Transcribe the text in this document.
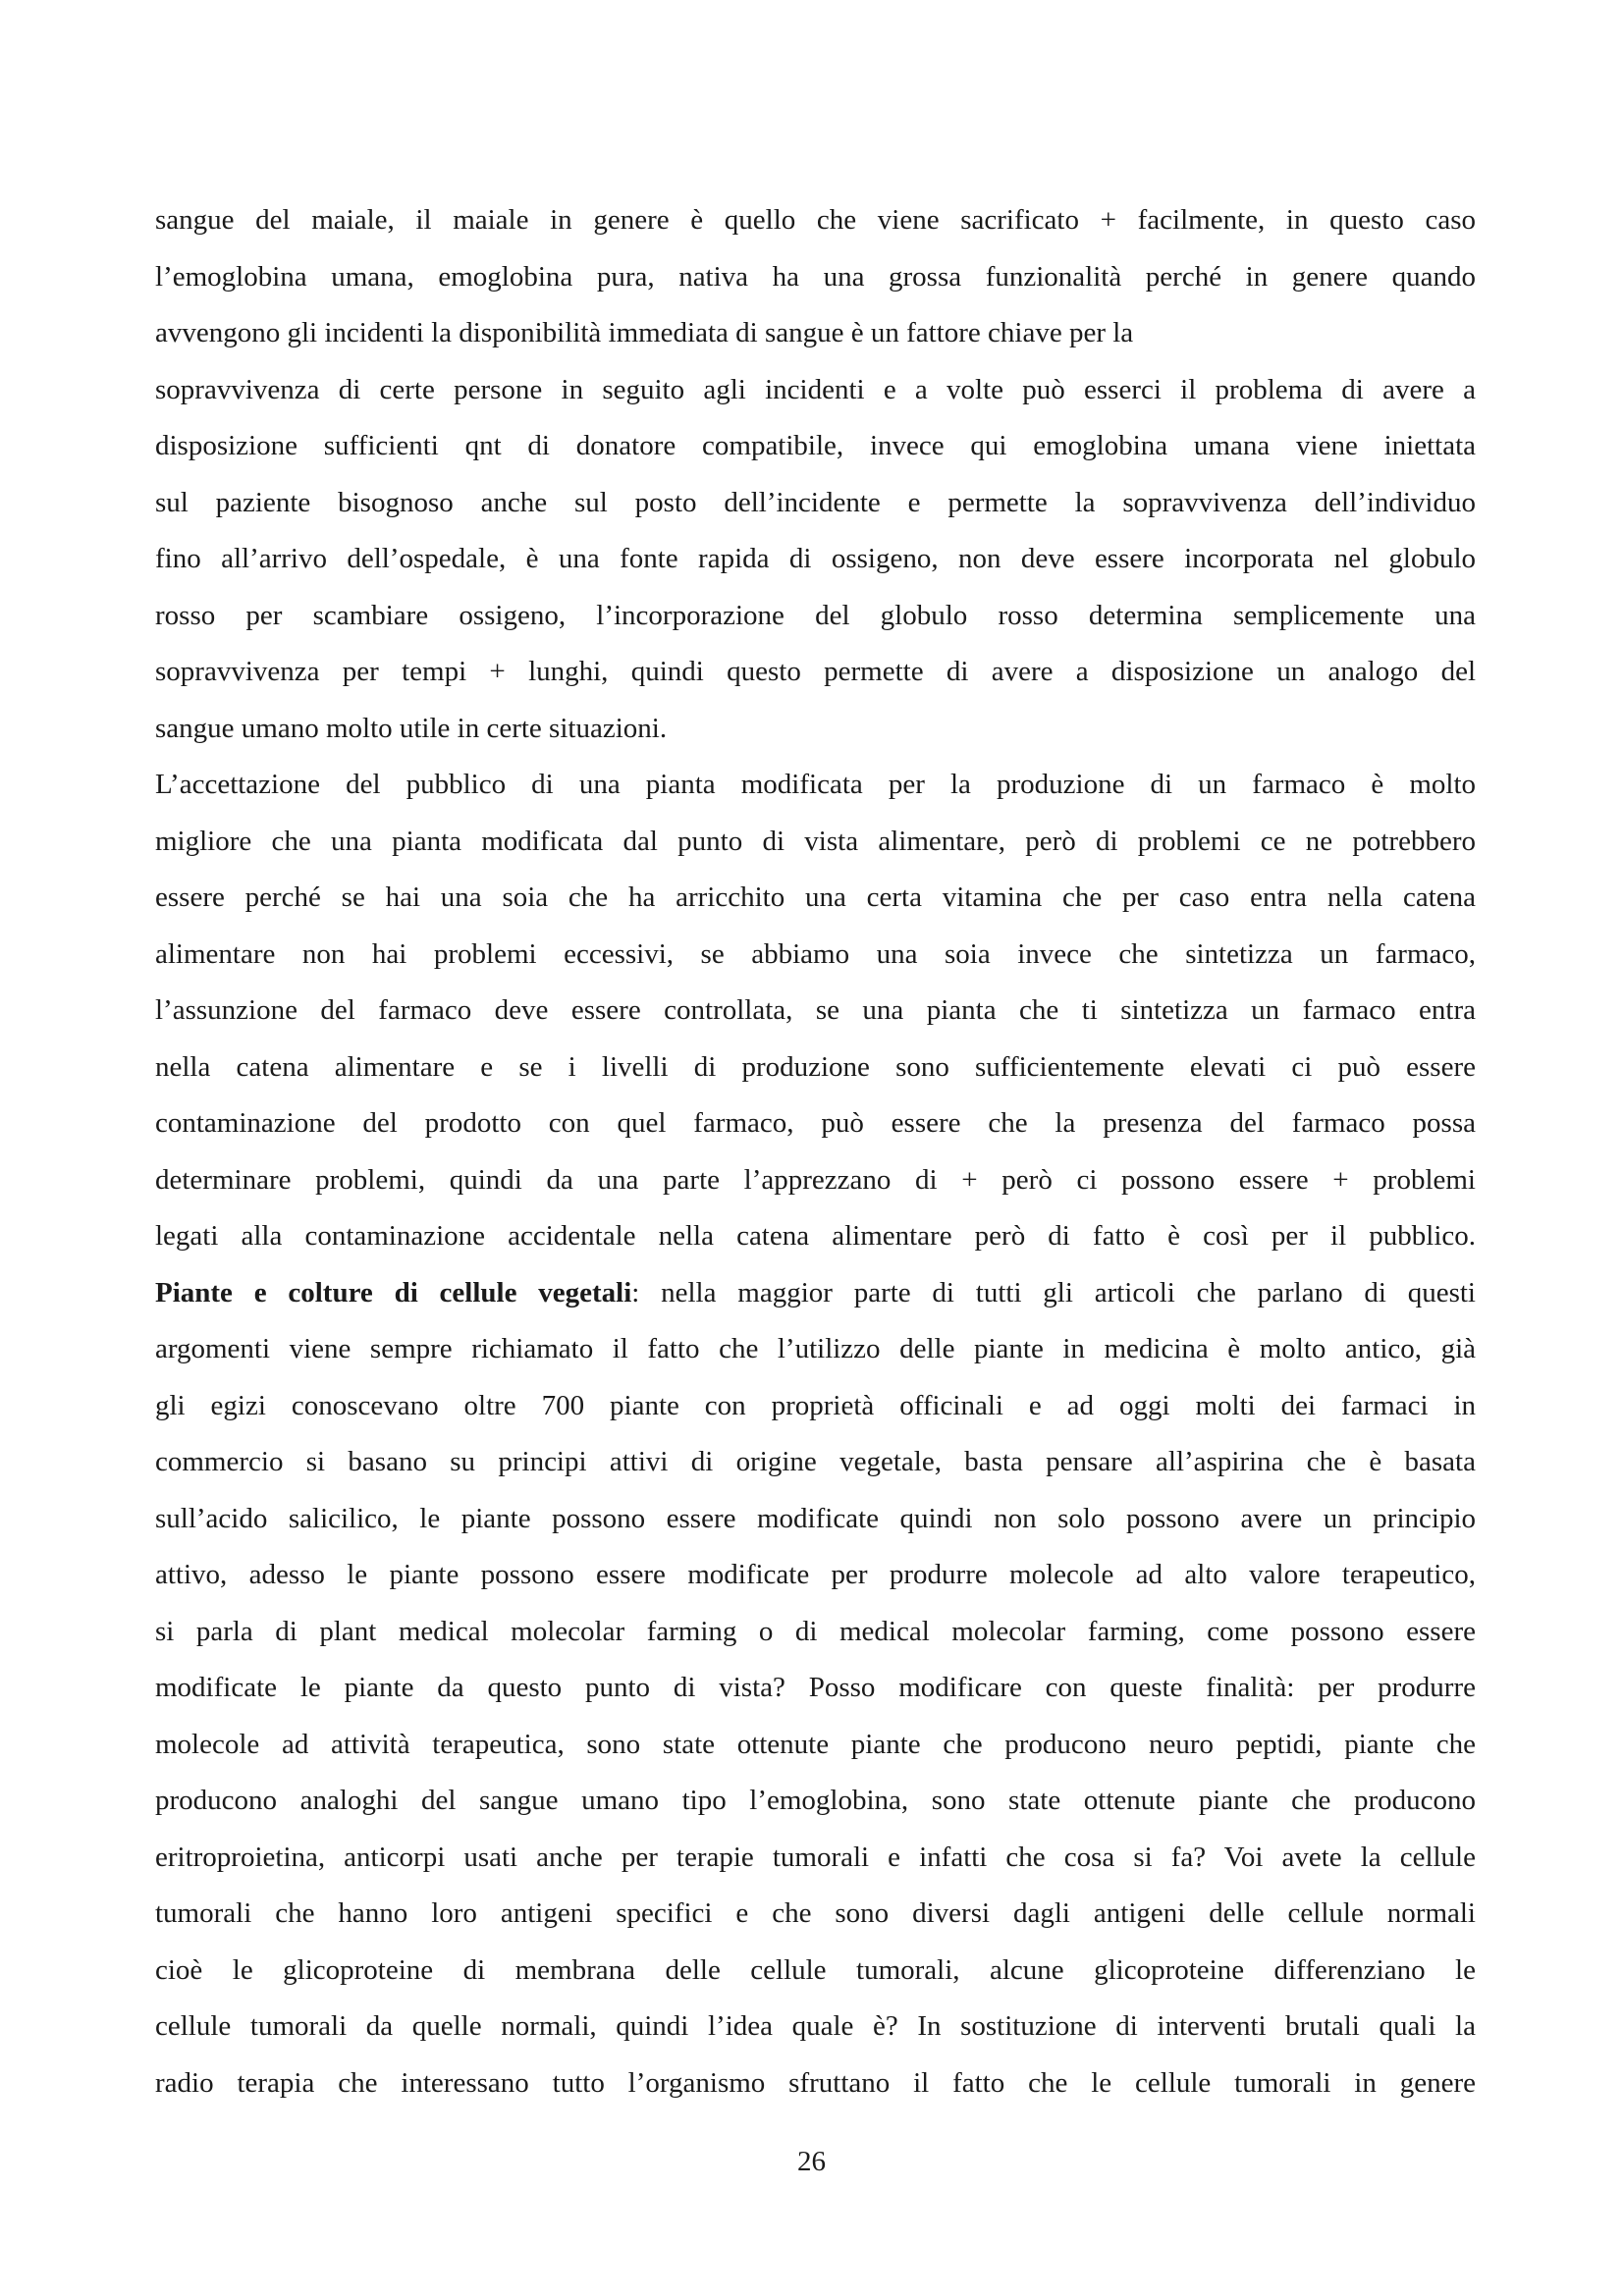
sangue del maiale, il maiale in genere è quello che viene sacrificato + facilmente, in questo caso
l’emoglobina umana, emoglobina pura, nativa ha una grossa funzionalità perché in genere quando
avvengono gli incidenti la disponibilità immediata di sangue è un fattore chiave per la
sopravvivenza di certe persone in seguito agli incidenti e a volte può esserci il problema di avere a
disposizione sufficienti qnt di donatore compatibile, invece qui emoglobina umana viene iniettata
sul paziente bisognoso anche sul posto dell’incidente e permette la sopravvivenza dell’individuo
fino all’arrivo dell’ospedale, è una fonte rapida di ossigeno, non deve essere incorporata nel globulo
rosso per scambiare ossigeno, l’incorporazione del globulo rosso determina semplicemente una
sopravvivenza per tempi + lunghi, quindi questo permette di avere a disposizione un analogo del
sangue umano molto utile in certe situazioni.
L’accettazione del pubblico di una pianta modificata per la produzione di un farmaco è molto
migliore che una pianta modificata dal punto di vista alimentare, però di problemi ce ne potrebbero
essere perché se hai una soia che ha arricchito una certa vitamina che per caso entra nella catena
alimentare non hai problemi eccessivi, se abbiamo una soia invece che sintetizza un farmaco,
l’assunzione del farmaco deve essere controllata, se una pianta che ti sintetizza un farmaco entra
nella catena alimentare e se i livelli di produzione sono sufficientemente elevati ci può essere
contaminazione del prodotto con quel farmaco, può essere che la presenza del farmaco possa
determinare problemi, quindi da una parte l’apprezzano di + però ci possono essere + problemi
legati alla contaminazione accidentale nella catena alimentare però di fatto è così per il pubblico.
Piante e colture di cellule vegetali: nella maggior parte di tutti gli articoli che parlano di questi
argomenti viene sempre richiamato il fatto che l’utilizzo delle piante in medicina è molto antico, già
gli egizi conoscevano oltre 700 piante con proprietà officinali e ad oggi molti dei farmaci in
commercio si basano su principi attivi di origine vegetale, basta pensare all’aspirina che è basata
sull’acido salicilico, le piante possono essere modificate quindi non solo possono avere un principio
attivo, adesso le piante possono essere modificate per produrre molecole ad alto valore terapeutico,
si parla di plant medical molecolar farming o di medical molecolar farming, come possono essere
modificate le piante da questo punto di vista? Posso modificare con queste finalità: per produrre
molecole ad attività terapeutica, sono state ottenute piante che producono neuro peptidi, piante che
producono analoghi del sangue umano tipo l’emoglobina, sono state ottenute piante che producono
eritroproietina, anticorpi usati anche per terapie tumorali e infatti che cosa si fa? Voi avete la cellule
tumorali che hanno loro antigeni specifici e che sono diversi dagli antigeni delle cellule normali
cioè le glicoproteine di membrana delle cellule tumorali, alcune glicoproteine differenziano le
cellule tumorali da quelle normali, quindi l’idea quale è? In sostituzione di interventi brutali quali la
radio terapia che interessano tutto l’organismo sfruttano il fatto che le cellule tumorali in genere
26
